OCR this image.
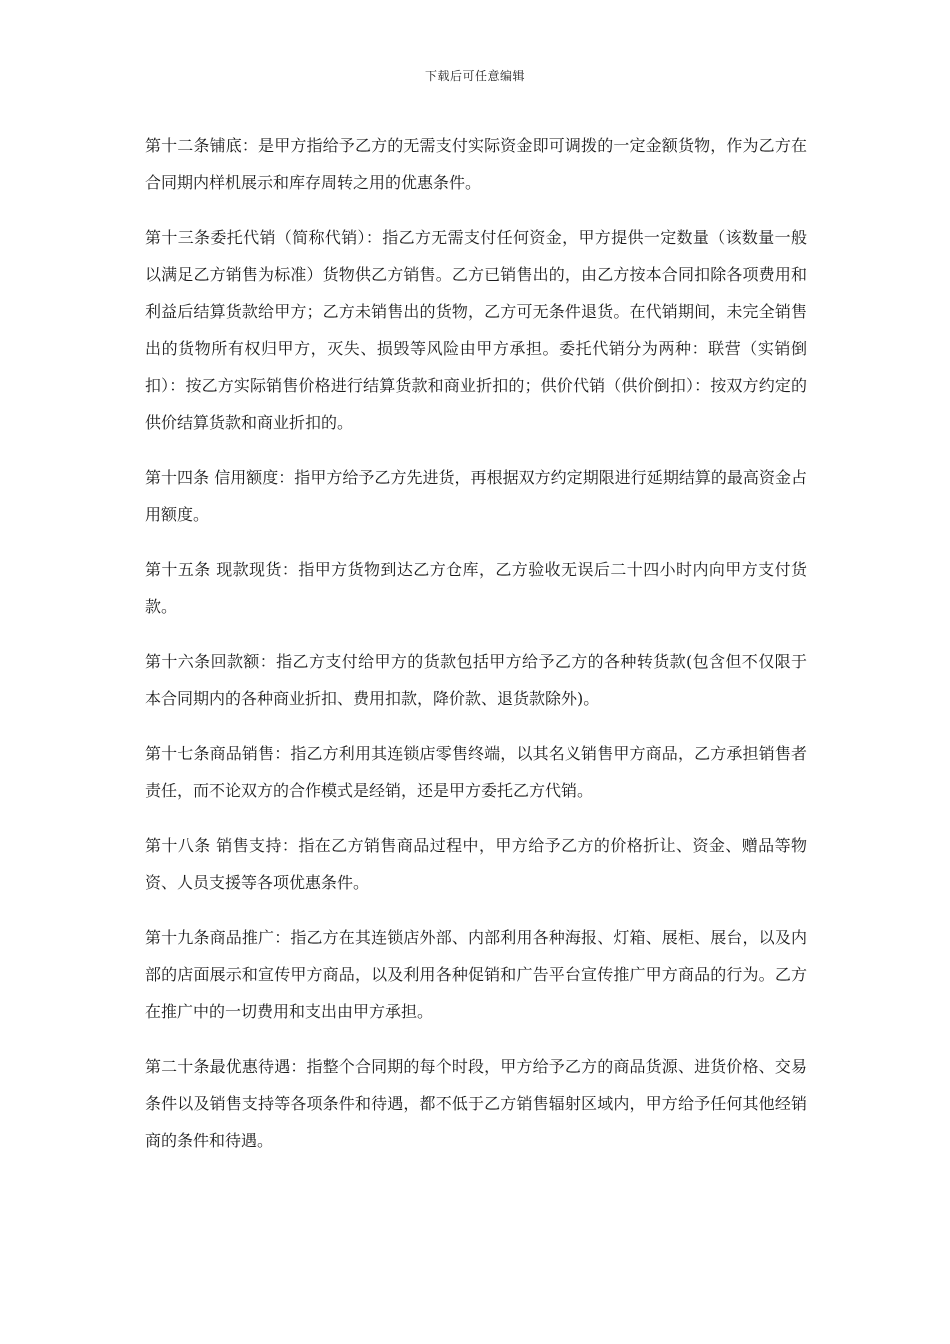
下载后可任意编辑

第十二条铺底：是甲方指给予乙方的无需支付实际资金即可调拨的一定金额货物，作为乙方在合同期内样机展示和库存周转之用的优惠条件。

第十三条委托代销（简称代销）：指乙方无需支付任何资金，甲方提供一定数量（该数量一般以满足乙方销售为标准）货物供乙方销售。乙方已销售出的，由乙方按本合同扣除各项费用和利益后结算货款给甲方；乙方未销售出的货物，乙方可无条件退货。在代销期间，未完全销售出的货物所有权归甲方，灭失、损毁等风险由甲方承担。委托代销分为两种：联营（实销倒扣）：按乙方实际销售价格进行结算货款和商业折扣的；供价代销（供价倒扣）：按双方约定的供价结算货款和商业折扣的。

第十四条 信用额度：指甲方给予乙方先进货，再根据双方约定期限进行延期结算的最高资金占用额度。

第十五条 现款现货：指甲方货物到达乙方仓库，乙方验收无误后二十四小时内向甲方支付货款。

第十六条回款额：指乙方支付给甲方的货款包括甲方给予乙方的各种转货款(包含但不仅限于本合同期内的各种商业折扣、费用扣款，降价款、退货款除外)。

第十七条商品销售：指乙方利用其连锁店零售终端，以其名义销售甲方商品，乙方承担销售者责任，而不论双方的合作模式是经销，还是甲方委托乙方代销。

第十八条 销售支持：指在乙方销售商品过程中，甲方给予乙方的价格折让、资金、赠品等物资、人员支援等各项优惠条件。

第十九条商品推广：指乙方在其连锁店外部、内部利用各种海报、灯箱、展柜、展台，以及内部的店面展示和宣传甲方商品，以及利用各种促销和广告平台宣传推广甲方商品的行为。乙方在推广中的一切费用和支出由甲方承担。

第二十条最优惠待遇：指整个合同期的每个时段，甲方给予乙方的商品货源、进货价格、交易条件以及销售支持等各项条件和待遇，都不低于乙方销售辐射区域内，甲方给予任何其他经销商的条件和待遇。
